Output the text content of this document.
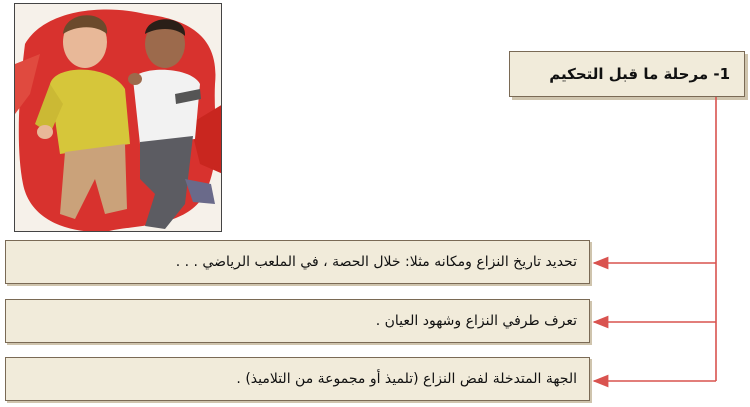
1- مرحلة ما قبل التحكيم
تحديد تاريخ النزاع ومكانه مثلا: خلال الحصة ، في الملعب الرياضي . . .
تعرف طرفي النزاع وشهود العيان .
الجهة المتدخلة لفض النزاع (تلميذ أو مجموعة من التلاميذ) .
